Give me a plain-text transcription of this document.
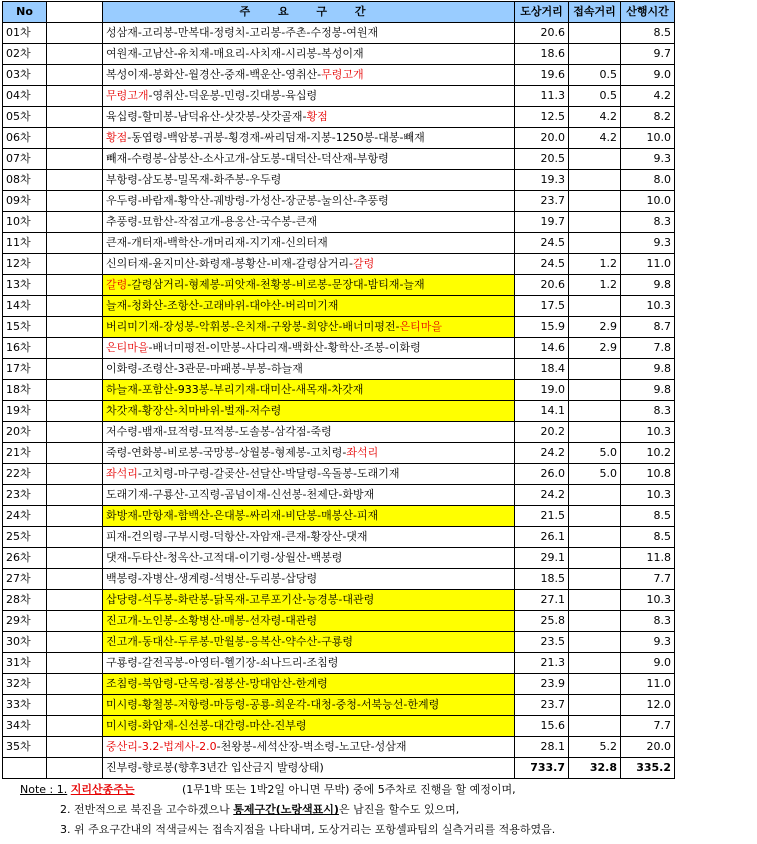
No		주 요 구 간	도상거리	접속거리	산행시간
01차		성삼재-고리봉-만복대-정령치-고리봉-주촌-수정봉-여원재	20.6		8.5
02차		여원재-고남산-유치재-매요리-사치재-시리봉-복성이재	18.6		9.7
03차		복성이재-봉화산-월경산-중재-백운산-영취산-무령고개	19.6	0.5	9.0
04차		무령고개-영취산-덕운봉-민령-깃대봉-육십령	11.3	0.5	4.2
05차		육십령-할미봉-남덕유산-삿갓봉-삿갓골재-황점	12.5	4.2	8.2
06차		황점-동엽령-백암봉-귀봉-횡경재-싸리덤재-지봉-1250봉-대봉-빼재	20.0	4.2	10.0
07차		빼재-수령봉-삼봉산-소사고개-삼도봉-대덕산-덕산재-부항령	20.5		9.3
08차		부항령-삼도봉-밀목재-화주봉-우두령	19.3		8.0
09차		우두령-바람재-황악산-궤방령-가성산-장군봉-눌의산-추풍령	23.7		10.0
10차		추풍령-묘함산-작점고개-용옹산-국수봉-큰재	19.7		8.3
11차		큰재-개터재-백학산-개머리재-지기재-신의터재	24.5		9.3
12차		신의터재-윤지미산-화령재-봉황산-비재-갈령삼거리-갈령	24.5	1.2	11.0
13차		갈령-갈령삼거리-형제봉-피앗재-천황봉-비로봉-문장대-밤티재-늘재	20.6	1.2	9.8
14차		늘재-청화산-조항산-고래바위-대야산-버리미기재	17.5		10.3
15차		버리미기재-장성봉-악휘봉-은치재-구왕봉-희양산-배너미평전-은티마을	15.9	2.9	8.7
16차		은티마을-배너미평전-이만봉-사다리재-백화산-황학산-조봉-이화령	14.6	2.9	7.8
17차		이화령-조령산-3관문-마패봉-부봉-하늘재	18.4		9.8
18차		하늘재-포함산-933봉-부리기재-대미산-새목재-차갓재	19.0		9.8
19차		차갓재-황장산-치마바위-벌재-저수령	14.1		8.3
20차		저수령-뱀재-묘적령-묘적봉-도솔봉-삼각점-죽령	20.2		10.3
21차		죽령-연화봉-비로봉-국망봉-상월봉-형제봉-고치령-좌석리	24.2	5.0	10.2
22차		좌석리-고치령-마구령-갈곶산-선달산-박달령-옥돌봉-도래기재	26.0	5.0	10.8
23차		도래기재-구룡산-고직령-곰넘이재-신선봉-천제단-화방재	24.2		10.3
24차		화방재-만항재-함백산-은대봉-싸리재-비단봉-매봉산-피재	21.5		8.5
25차		피재-건의령-구부시령-덕항산-자암재-큰재-황장산-댓재	26.1		8.5
26차		댓재-두타산-청옥산-고적대-이기령-상월산-백봉령	29.1		11.8
27차		백봉령-자병산-생계령-석병산-두리봉-삽당령	18.5		7.7
28차		삽당령-석두봉-화란봉-닭목재-고루포기산-능경봉-대관령	27.1		10.3
29차		진고개-노인봉-소황병산-매봉-선자령-대관령	25.8		8.3
30차		진고개-동대산-두루봉-만월봉-응복산-약수산-구룡령	23.5		9.3
31차		구룡령-갈전곡봉-아영터-헬기장-쇠나드리-조침령	21.3		9.0
32차		조침령-북암령-단목령-점봉산-망대암산-한계령	23.9		11.0
33차		미시령-황철봉-저항령-마등령-공룡-희운각-대청-중청-서북능선-한계령	23.7		12.0
34차		미시령-화암재-신선봉-대간령-마산-진부령	15.6		7.7
35차		중산리-3.2-법계사-2.0-천왕봉-세석산장-벽소령-노고단-성삼재	28.1	5.2	20.0
		진부령-향로봉(향후3년간 입산금지 발령상태)	733.7	32.8	335.2
Note : 1. 지리산종주는	(1무1박 또는 1박2일 아니면 무박) 중에 5주차로 진행을 할 예정이며,
2. 전반적으로 북진을 고수하겠으나 통제구간(노랑색표시)은 남진을 할수도 있으며,
3. 위 주요구간내의 적색글씨는 접속지점을 나타내며, 도상거리는 포항셀파팀의 실측거리를 적용하였음.
